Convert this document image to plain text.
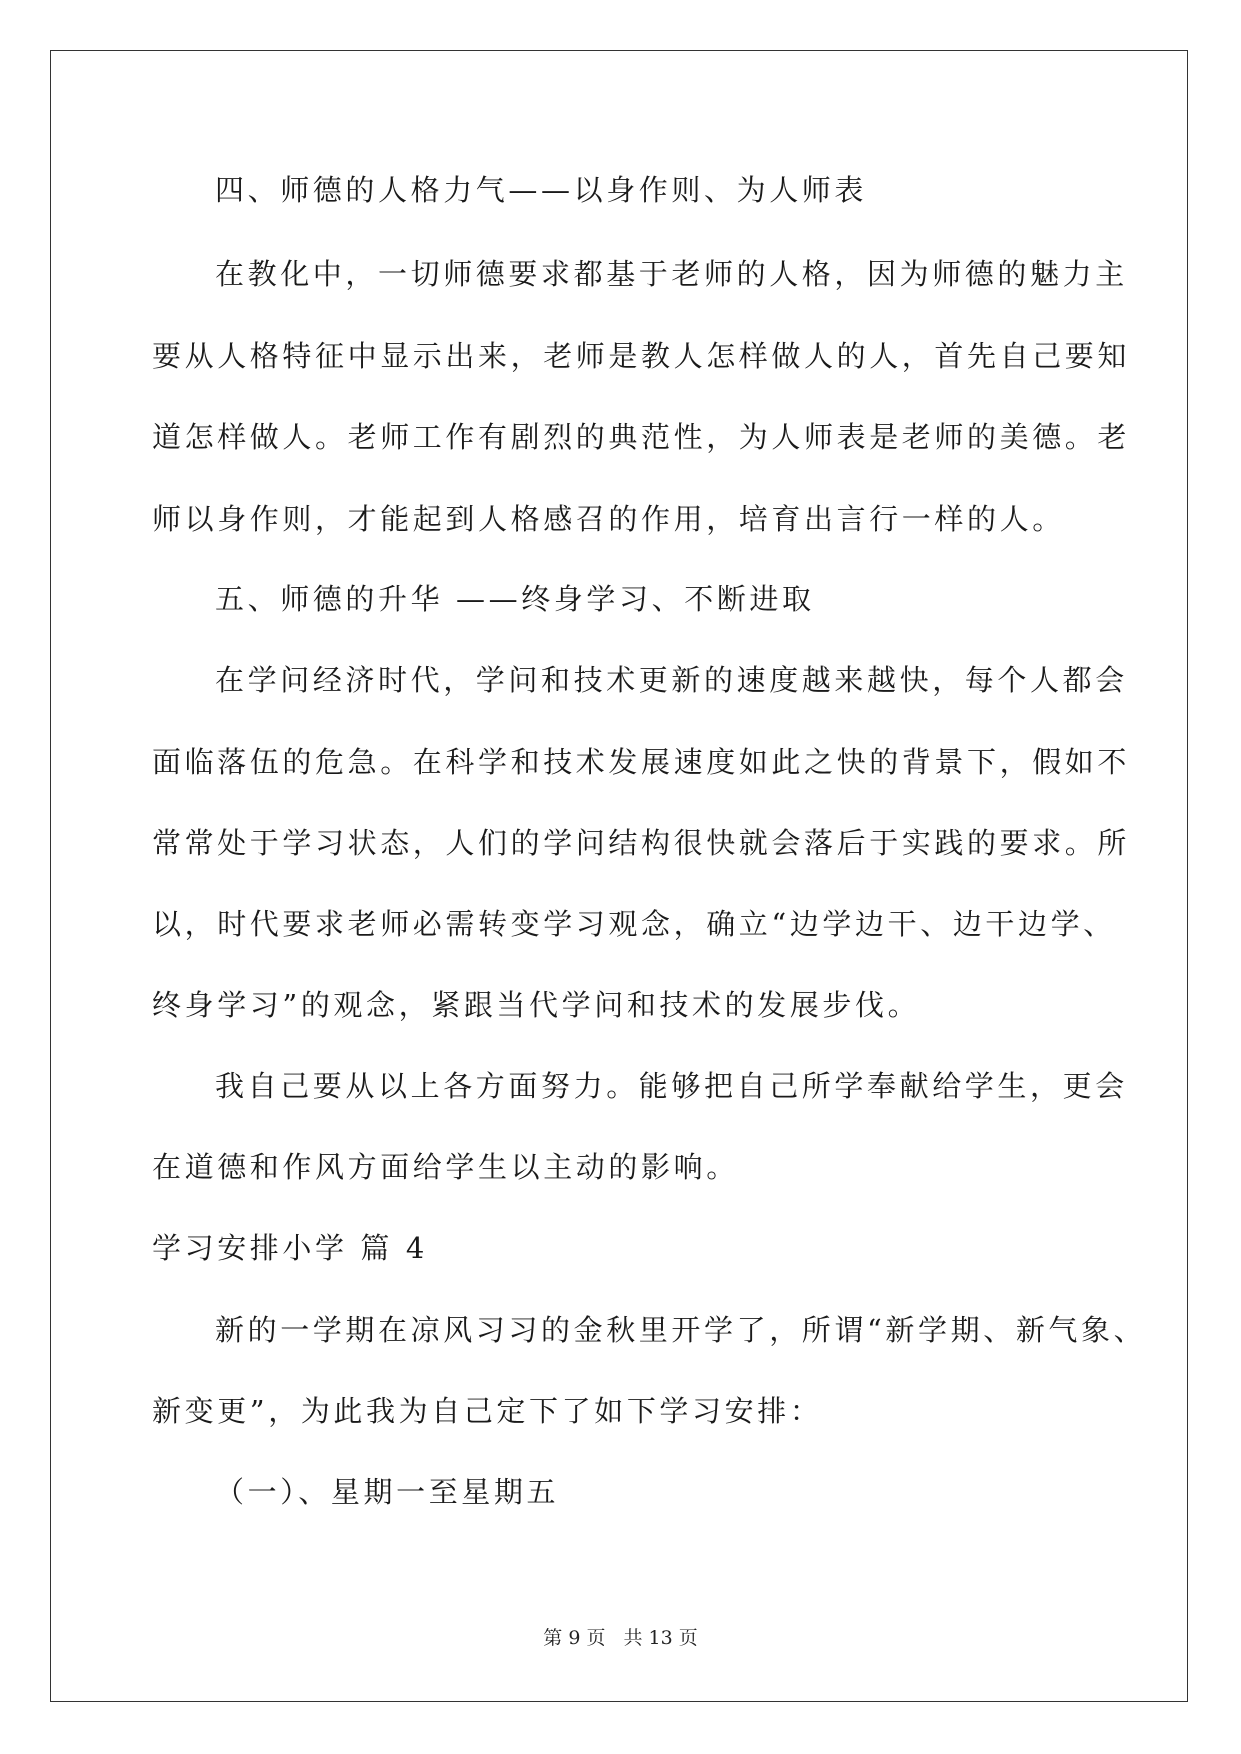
四、师德的人格力气——以身作则、为人师表
在教化中，一切师德要求都基于老师的人格，因为师德的魅力主
要从人格特征中显示出来，老师是教人怎样做人的人，首先自己要知
道怎样做人。老师工作有剧烈的典范性，为人师表是老师的美德。老
师以身作则，才能起到人格感召的作用，培育出言行一样的人。
五、师德的升华 ——终身学习、不断进取
在学问经济时代，学问和技术更新的速度越来越快，每个人都会
面临落伍的危急。在科学和技术发展速度如此之快的背景下，假如不
常常处于学习状态，人们的学问结构很快就会落后于实践的要求。所
以，时代要求老师必需转变学习观念，确立“边学边干、边干边学、
终身学习”的观念，紧跟当代学问和技术的发展步伐。
我自己要从以上各方面努力。能够把自己所学奉献给学生，更会
在道德和作风方面给学生以主动的影响。
学习安排小学 篇 4
新的一学期在凉风习习的金秋里开学了，所谓“新学期、新气象、
新变更”，为此我为自己定下了如下学习安排：
（一）、星期一至星期五
第 9 页 共 13 页
